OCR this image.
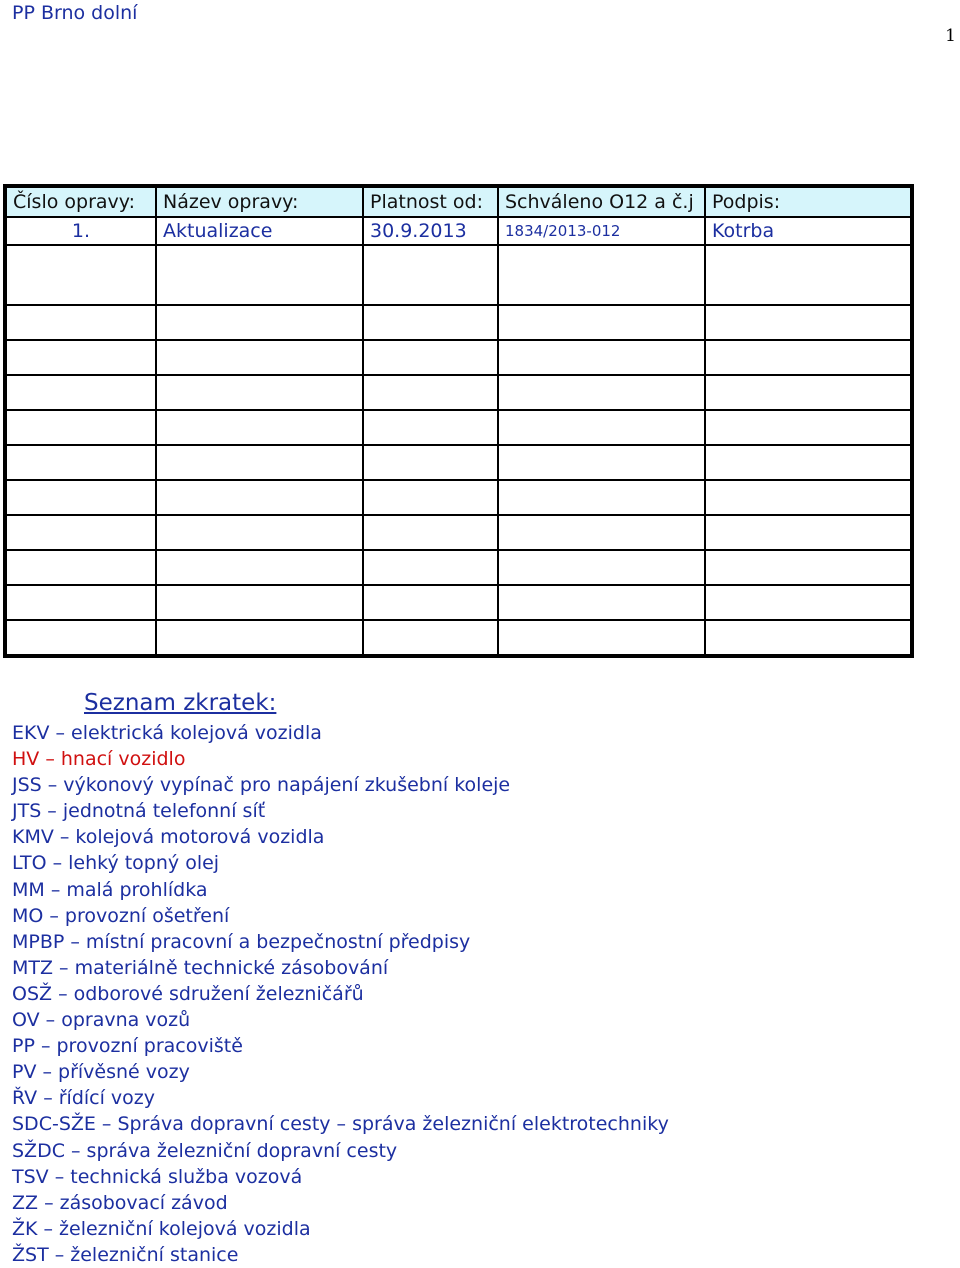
PP Brno dolní
1
Číslo opravy:	Název opravy:	Platnost od:	Schváleno O12 a č.j	Podpis:
1.	Aktualizace	30.9.2013	1834/2013-012	Kotrba

Seznam zkratek:
EKV – elektrická kolejová vozidla
HV – hnací vozidlo
JSS – výkonový vypínač pro napájení zkušební koleje
JTS – jednotná telefonní síť
KMV – kolejová motorová vozidla
LTO – lehký topný olej
MM – malá prohlídka
MO – provozní ošetření
MPBP – místní pracovní a bezpečnostní předpisy
MTZ – materiálně technické zásobování
OSŽ – odborové sdružení železničářů
OV – opravna vozů
PP – provozní pracoviště
PV – přívěsné vozy
ŘV – řídící vozy
SDC-SŽE – Správa dopravní cesty – správa železniční elektrotechniky
SŽDC – správa železniční dopravní cesty
TSV – technická služba vozová
ZZ – zásobovací závod
ŽK – železniční kolejová vozidla
ŽST – železniční stanice
